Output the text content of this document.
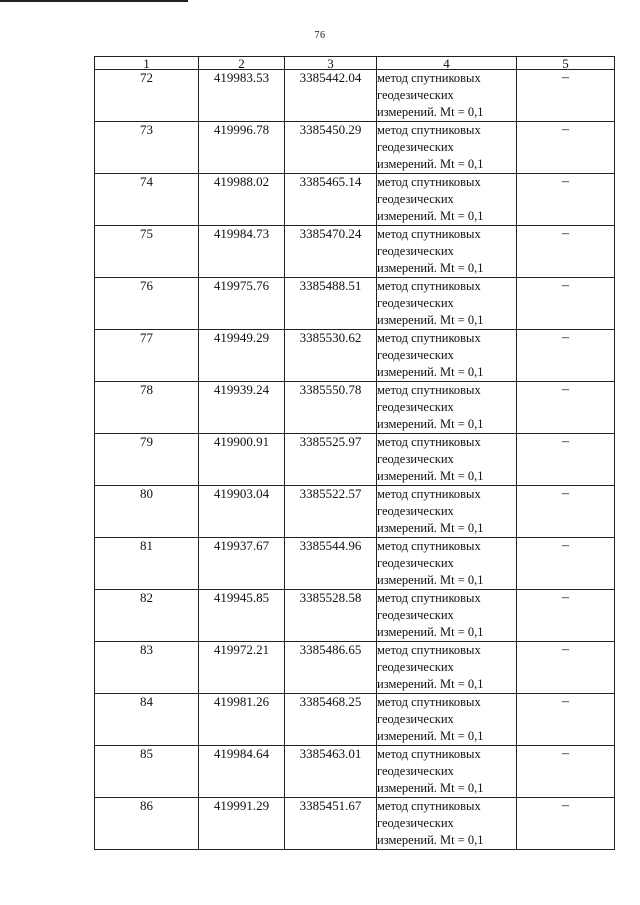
76
1	2	3	4	5
72	419983.53	3385442.04	метод спутниковых
геодезических
измерений. Mt = 0,1	–
73	419996.78	3385450.29	метод спутниковых
геодезических
измерений. Mt = 0,1	–
74	419988.02	3385465.14	метод спутниковых
геодезических
измерений. Mt = 0,1	–
75	419984.73	3385470.24	метод спутниковых
геодезических
измерений. Mt = 0,1	–
76	419975.76	3385488.51	метод спутниковых
геодезических
измерений. Mt = 0,1	–
77	419949.29	3385530.62	метод спутниковых
геодезических
измерений. Mt = 0,1	–
78	419939.24	3385550.78	метод спутниковых
геодезических
измерений. Mt = 0,1	–
79	419900.91	3385525.97	метод спутниковых
геодезических
измерений. Mt = 0,1	–
80	419903.04	3385522.57	метод спутниковых
геодезических
измерений. Mt = 0,1	–
81	419937.67	3385544.96	метод спутниковых
геодезических
измерений. Mt = 0,1	–
82	419945.85	3385528.58	метод спутниковых
геодезических
измерений. Mt = 0,1	–
83	419972.21	3385486.65	метод спутниковых
геодезических
измерений. Mt = 0,1	–
84	419981.26	3385468.25	метод спутниковых
геодезических
измерений. Mt = 0,1	–
85	419984.64	3385463.01	метод спутниковых
геодезических
измерений. Mt = 0,1	–
86	419991.29	3385451.67	метод спутниковых
геодезических
измерений. Mt = 0,1	–
